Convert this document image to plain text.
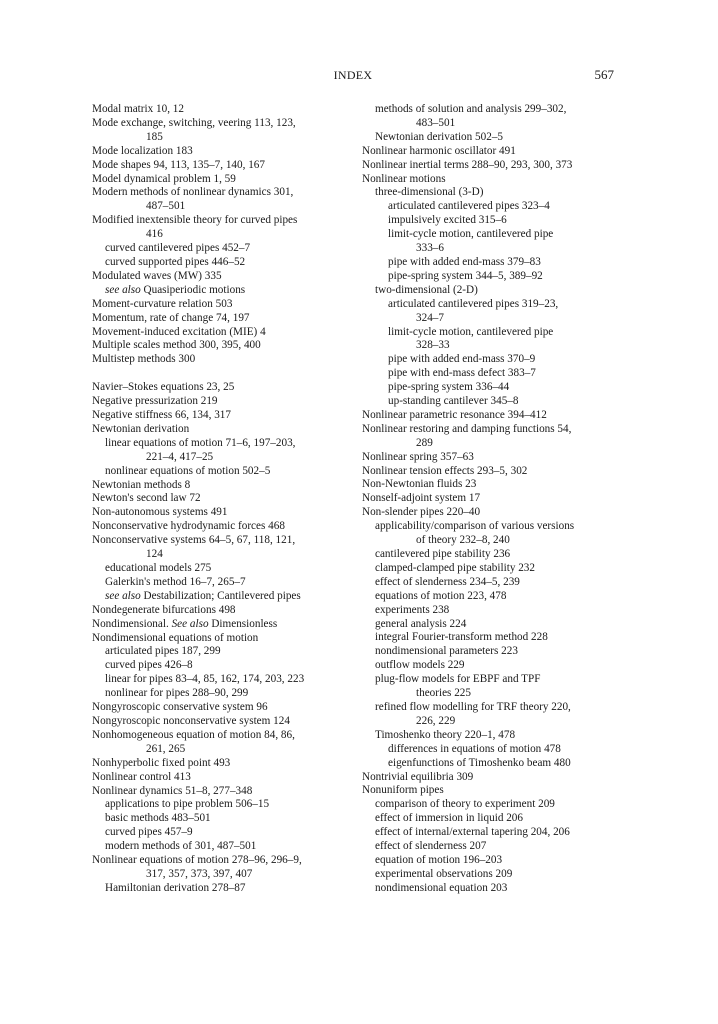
INDEX	567
Modal matrix 10, 12
Mode exchange, switching, veering 113, 123,
185
Mode localization 183
Mode shapes 94, 113, 135–7, 140, 167
Model dynamical problem 1, 59
Modern methods of nonlinear dynamics 301,
487–501
Modified inextensible theory for curved pipes
416
curved cantilevered pipes 452–7
curved supported pipes 446–52
Modulated waves (MW) 335
see also Quasiperiodic motions
Moment-curvature relation 503
Momentum, rate of change 74, 197
Movement-induced excitation (MIE) 4
Multiple scales method 300, 395, 400
Multistep methods 300
Navier–Stokes equations 23, 25
Negative pressurization 219
Negative stiffness 66, 134, 317
Newtonian derivation
linear equations of motion 71–6, 197–203,
221–4, 417–25
nonlinear equations of motion 502–5
Newtonian methods 8
Newton's second law 72
Non-autonomous systems 491
Nonconservative hydrodynamic forces 468
Nonconservative systems 64–5, 67, 118, 121,
124
educational models 275
Galerkin's method 16–7, 265–7
see also Destabilization; Cantilevered pipes
Nondegenerate bifurcations 498
Nondimensional. See also Dimensionless
Nondimensional equations of motion
articulated pipes 187, 299
curved pipes 426–8
linear for pipes 83–4, 85, 162, 174, 203, 223
nonlinear for pipes 288–90, 299
Nongyroscopic conservative system 96
Nongyroscopic nonconservative system 124
Nonhomogeneous equation of motion 84, 86,
261, 265
Nonhyperbolic fixed point 493
Nonlinear control 413
Nonlinear dynamics 51–8, 277–348
applications to pipe problem 506–15
basic methods 483–501
curved pipes 457–9
modern methods of 301, 487–501
Nonlinear equations of motion 278–96, 296–9,
317, 357, 373, 397, 407
Hamiltonian derivation 278–87
methods of solution and analysis 299–302,
483–501
Newtonian derivation 502–5
Nonlinear harmonic oscillator 491
Nonlinear inertial terms 288–90, 293, 300, 373
Nonlinear motions
three-dimensional (3-D)
articulated cantilevered pipes 323–4
impulsively excited 315–6
limit-cycle motion, cantilevered pipe
333–6
pipe with added end-mass 379–83
pipe-spring system 344–5, 389–92
two-dimensional (2-D)
articulated cantilevered pipes 319–23,
324–7
limit-cycle motion, cantilevered pipe
328–33
pipe with added end-mass 370–9
pipe with end-mass defect 383–7
pipe-spring system 336–44
up-standing cantilever 345–8
Nonlinear parametric resonance 394–412
Nonlinear restoring and damping functions 54,
289
Nonlinear spring 357–63
Nonlinear tension effects 293–5, 302
Non-Newtonian fluids 23
Nonself-adjoint system 17
Non-slender pipes 220–40
applicability/comparison of various versions
of theory 232–8, 240
cantilevered pipe stability 236
clamped-clamped pipe stability 232
effect of slenderness 234–5, 239
equations of motion 223, 478
experiments 238
general analysis 224
integral Fourier-transform method 228
nondimensional parameters 223
outflow models 229
plug-flow models for EBPF and TPF
theories 225
refined flow modelling for TRF theory 220,
226, 229
Timoshenko theory 220–1, 478
differences in equations of motion 478
eigenfunctions of Timoshenko beam 480
Nontrivial equilibria 309
Nonuniform pipes
comparison of theory to experiment 209
effect of immersion in liquid 206
effect of internal/external tapering 204, 206
effect of slenderness 207
equation of motion 196–203
experimental observations 209
nondimensional equation 203
